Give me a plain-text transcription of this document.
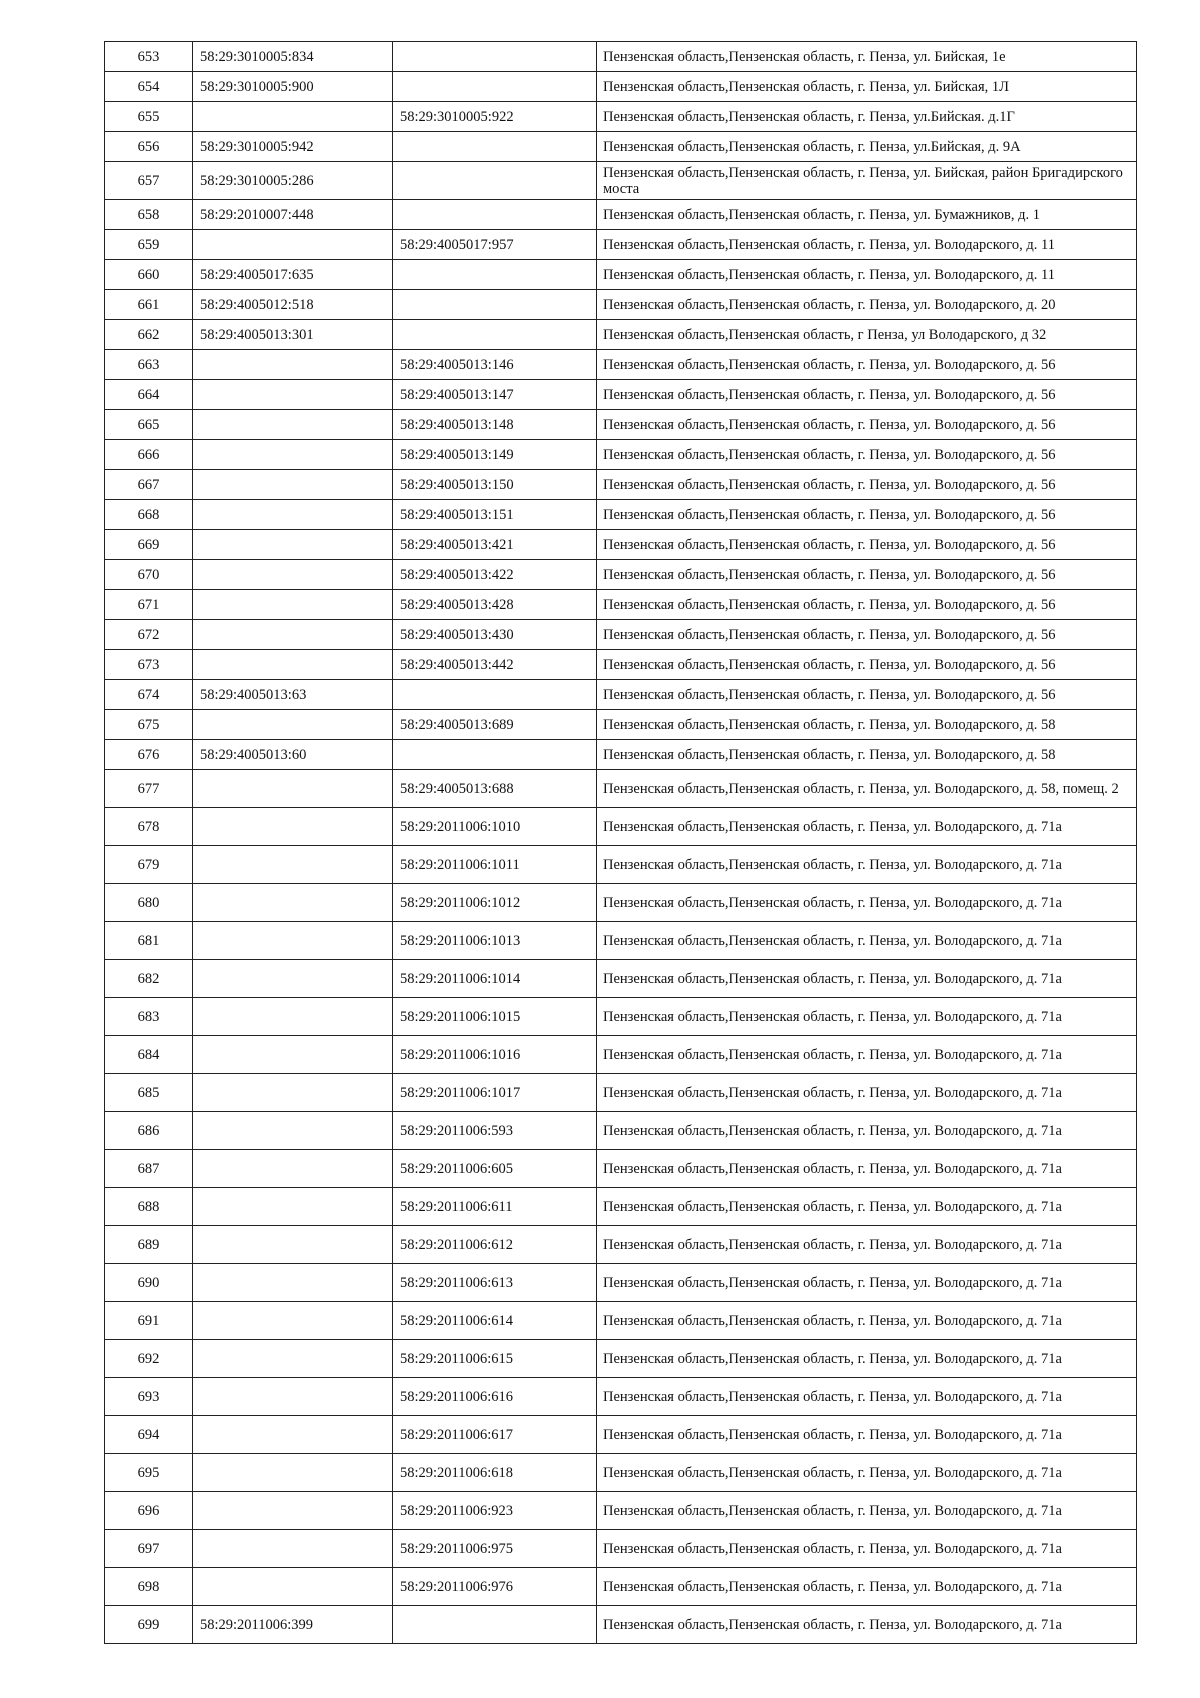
653	58:29:3010005:834		Пензенская область,Пензенская область, г. Пенза, ул. Бийская, 1е
654	58:29:3010005:900		Пензенская область,Пензенская область, г. Пенза, ул. Бийская, 1Л
655		58:29:3010005:922	Пензенская область,Пензенская область, г. Пенза, ул.Бийская. д.1Г
656	58:29:3010005:942		Пензенская область,Пензенская область, г. Пенза, ул.Бийская, д. 9А
657	58:29:3010005:286		Пензенская область,Пензенская область, г. Пенза, ул. Бийская, район Бригадирского моста
658	58:29:2010007:448		Пензенская область,Пензенская область, г. Пенза, ул. Бумажников, д. 1
659		58:29:4005017:957	Пензенская область,Пензенская область, г. Пенза, ул. Володарского, д. 11
660	58:29:4005017:635		Пензенская область,Пензенская область, г. Пенза, ул. Володарского, д. 11
661	58:29:4005012:518		Пензенская область,Пензенская область, г. Пенза, ул. Володарского, д. 20
662	58:29:4005013:301		Пензенская область,Пензенская область, г Пенза, ул Володарского, д 32
663		58:29:4005013:146	Пензенская область,Пензенская область, г. Пенза, ул. Володарского, д. 56
664		58:29:4005013:147	Пензенская область,Пензенская область, г. Пенза, ул. Володарского, д. 56
665		58:29:4005013:148	Пензенская область,Пензенская область, г. Пенза, ул. Володарского, д. 56
666		58:29:4005013:149	Пензенская область,Пензенская область, г. Пенза, ул. Володарского, д. 56
667		58:29:4005013:150	Пензенская область,Пензенская область, г. Пенза, ул. Володарского, д. 56
668		58:29:4005013:151	Пензенская область,Пензенская область, г. Пенза, ул. Володарского, д. 56
669		58:29:4005013:421	Пензенская область,Пензенская область, г. Пенза, ул. Володарского, д. 56
670		58:29:4005013:422	Пензенская область,Пензенская область, г. Пенза, ул. Володарского, д. 56
671		58:29:4005013:428	Пензенская область,Пензенская область, г. Пенза, ул. Володарского, д. 56
672		58:29:4005013:430	Пензенская область,Пензенская область, г. Пенза, ул. Володарского, д. 56
673		58:29:4005013:442	Пензенская область,Пензенская область, г. Пенза, ул. Володарского, д. 56
674	58:29:4005013:63		Пензенская область,Пензенская область, г. Пенза, ул. Володарского, д. 56
675		58:29:4005013:689	Пензенская область,Пензенская область, г. Пенза, ул. Володарского, д. 58
676	58:29:4005013:60		Пензенская область,Пензенская область, г. Пенза, ул. Володарского, д. 58
677		58:29:4005013:688	Пензенская область,Пензенская область, г. Пенза, ул. Володарского, д. 58, помещ. 2
678		58:29:2011006:1010	Пензенская область,Пензенская область, г. Пенза, ул. Володарского, д. 71а
679		58:29:2011006:1011	Пензенская область,Пензенская область, г. Пенза, ул. Володарского, д. 71а
680		58:29:2011006:1012	Пензенская область,Пензенская область, г. Пенза, ул. Володарского, д. 71а
681		58:29:2011006:1013	Пензенская область,Пензенская область, г. Пенза, ул. Володарского, д. 71а
682		58:29:2011006:1014	Пензенская область,Пензенская область, г. Пенза, ул. Володарского, д. 71а
683		58:29:2011006:1015	Пензенская область,Пензенская область, г. Пенза, ул. Володарского, д. 71а
684		58:29:2011006:1016	Пензенская область,Пензенская область, г. Пенза, ул. Володарского, д. 71а
685		58:29:2011006:1017	Пензенская область,Пензенская область, г. Пенза, ул. Володарского, д. 71а
686		58:29:2011006:593	Пензенская область,Пензенская область, г. Пенза, ул. Володарского, д. 71а
687		58:29:2011006:605	Пензенская область,Пензенская область, г. Пенза, ул. Володарского, д. 71а
688		58:29:2011006:611	Пензенская область,Пензенская область, г. Пенза, ул. Володарского, д. 71а
689		58:29:2011006:612	Пензенская область,Пензенская область, г. Пенза, ул. Володарского, д. 71а
690		58:29:2011006:613	Пензенская область,Пензенская область, г. Пенза, ул. Володарского, д. 71а
691		58:29:2011006:614	Пензенская область,Пензенская область, г. Пенза, ул. Володарского, д. 71а
692		58:29:2011006:615	Пензенская область,Пензенская область, г. Пенза, ул. Володарского, д. 71а
693		58:29:2011006:616	Пензенская область,Пензенская область, г. Пенза, ул. Володарского, д. 71а
694		58:29:2011006:617	Пензенская область,Пензенская область, г. Пенза, ул. Володарского, д. 71а
695		58:29:2011006:618	Пензенская область,Пензенская область, г. Пенза, ул. Володарского, д. 71а
696		58:29:2011006:923	Пензенская область,Пензенская область, г. Пенза, ул. Володарского, д. 71а
697		58:29:2011006:975	Пензенская область,Пензенская область, г. Пенза, ул. Володарского, д. 71а
698		58:29:2011006:976	Пензенская область,Пензенская область, г. Пенза, ул. Володарского, д. 71а
699	58:29:2011006:399		Пензенская область,Пензенская область, г. Пенза, ул. Володарского, д. 71а
